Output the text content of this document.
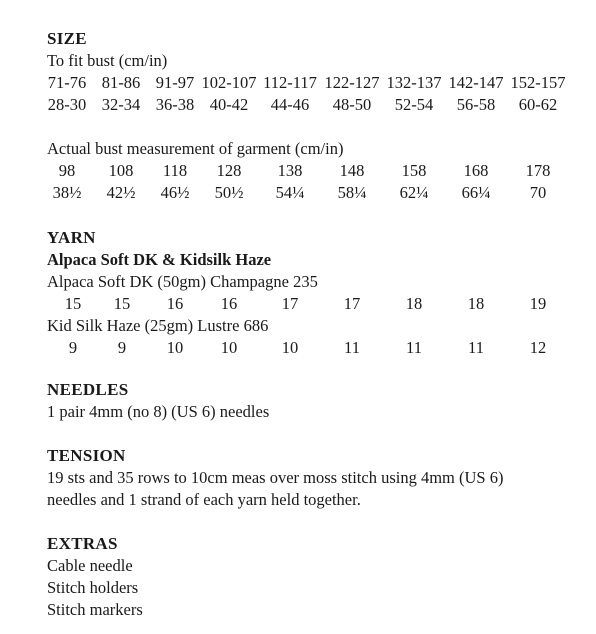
SIZE
To fit bust (cm/in)
71-76 81-86 91-97 102-107 112-117 122-127 132-137 142-147 152-157
28-30 32-34 36-38 40-42 44-46 48-50 52-54 56-58 60-62
Actual bust measurement of garment (cm/in)
98 108 118 128 138 148 158 168 178
38½ 42½ 46½ 50½ 54¼ 58¼ 62¼ 66¼ 70
YARN
Alpaca Soft DK & Kidsilk Haze
Alpaca Soft DK (50gm) Champagne 235
15 15 16 16	17	17	18	18	19
Kid Silk Haze (25gm) Lustre 686
9 9 10 10	10	11	11	11	12
NEEDLES
1 pair 4mm (no 8) (US 6) needles
TENSION
19 sts and 35 rows to 10cm meas over moss stitch using 4mm (US 6)
needles and 1 strand of each yarn held together.
EXTRAS
Cable needle
Stitch holders
Stitch markers
